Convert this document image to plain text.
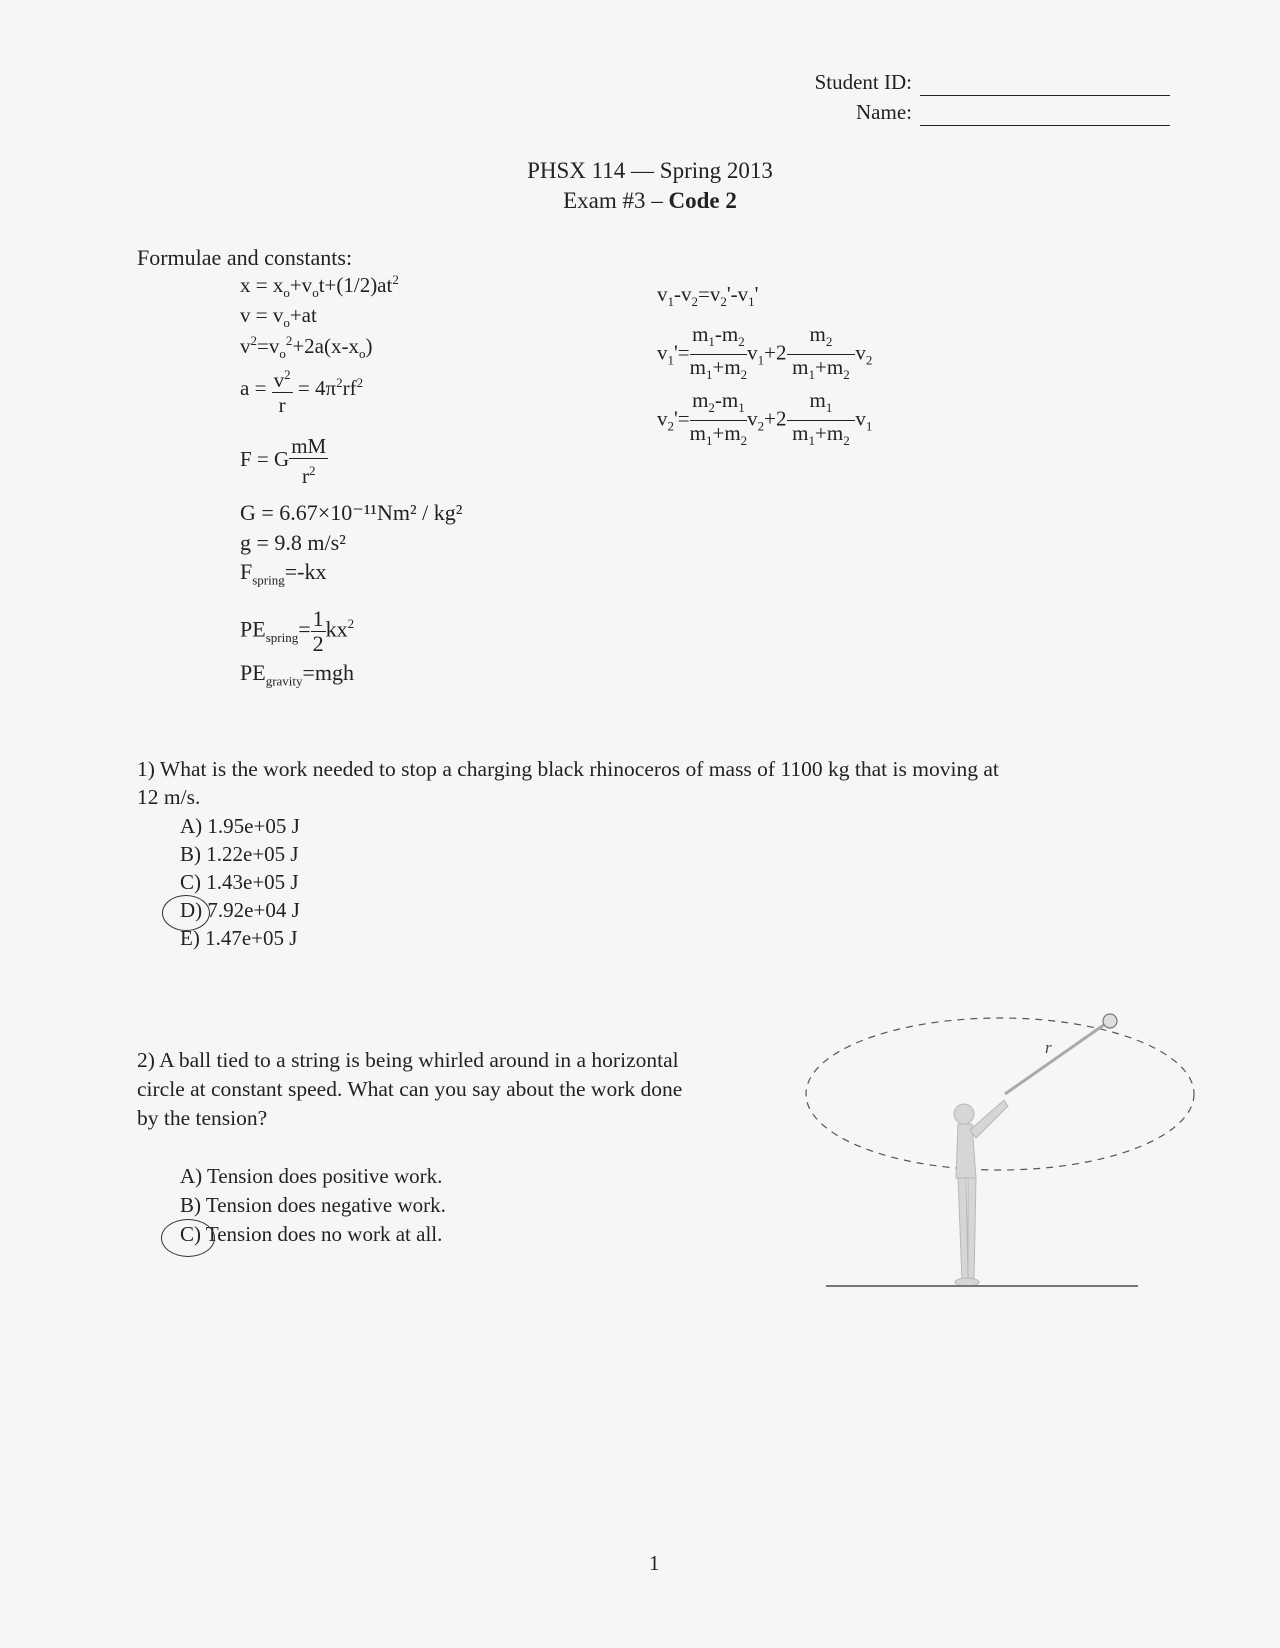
Student ID:
Name:
PHSX 114 — Spring 2013
Exam #3 – Code 2
Formulae and constants:
$x = x_o+v_ot+(1/2)at^2$
$v = v_o+at$
$v^2=v_o^2+2a(x-x_o)$
$a = \frac{v^2}{r} = 4\pi^2rf^2$
F = G $\frac{mM}{r^2}$
G = 6.67×10⁻¹¹Nm² / kg²
g = 9.8 m/s²
$F_{spring}=-kx$
$PE_{spring}= \frac{1}{2} kx^2$
$PE_{gravity}=mgh$
$v_1-v_2=v_2'-v_1'$
$v_1'= \frac{m_1-m_2}{m_1+m_2} v_1+2 \frac{m_2}{m_1+m_2} v_2$
$v_2'= \frac{m_2-m_1}{m_1+m_2} v_2+2 \frac{m_1}{m_1+m_2} v_1$
1) What is the work needed to stop a charging black rhinoceros of mass of 1100 kg that is moving at
12 m/s.
A) 1.95e+05 J
B) 1.22e+05 J
C) 1.43e+05 J
D) 7.92e+04 J
E) 1.47e+05 J
2) A ball tied to a string is being whirled around in a horizontal
circle at constant speed. What can you say about the work done
by the tension?
A) Tension does positive work.
B) Tension does negative work.
C) Tension does no work at all.
r
1
